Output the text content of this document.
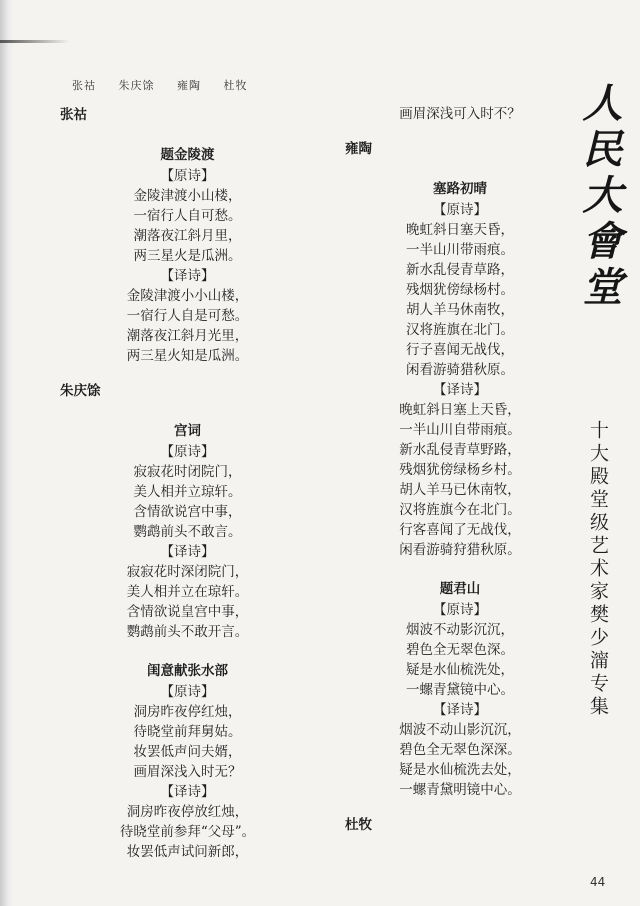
张祜 朱庆馀 雍陶 杜牧
张祜
题金陵渡
【原诗】
金陵津渡小山楼，
一宿行人自可愁。
潮落夜江斜月里，
两三星火是瓜洲。
【译诗】
金陵津渡小小山楼，
一宿行人自是可愁。
潮落夜江斜月光里，
两三星火知是瓜洲。
朱庆馀
宫词
【原诗】
寂寂花时闭院门，
美人相并立琼轩。
含情欲说宫中事，
鹦鹉前头不敢言。
【译诗】
寂寂花时深闭院门，
美人相并立在琼轩。
含情欲说皇宫中事，
鹦鹉前头不敢开言。
闺意献张水部
【原诗】
洞房昨夜停红烛，
待晓堂前拜舅姑。
妆罢低声问夫婿，
画眉深浅入时无？
【译诗】
洞房昨夜停放红烛，
待晓堂前参拜“父母”。
妆罢低声试问新郎，
画眉深浅可入时不？
雍陶
塞路初晴
【原诗】
晚虹斜日塞天昏，
一半山川带雨痕。
新水乱侵青草路，
残烟犹傍绿杨村。
胡人羊马休南牧，
汉将旌旗在北门。
行子喜闻无战伐，
闲看游骑猎秋原。
【译诗】
晚虹斜日塞上天昏，
一半山川自带雨痕。
新水乱侵青草野路，
残烟犹傍绿杨乡村。
胡人羊马已休南牧，
汉将旌旗今在北门。
行客喜闻了无战伐，
闲看游骑狩猎秋原。
题君山
【原诗】
烟波不动影沉沉，
碧色全无翠色深。
疑是水仙梳洗处，
一螺青黛镜中心。
【译诗】
烟波不动山影沉沉，
碧色全无翠色深深。
疑是水仙梳洗去处，
一螺青黛明镜中心。
杜牧
人民大會堂
十大殿堂级艺术家樊少澝专集
44
